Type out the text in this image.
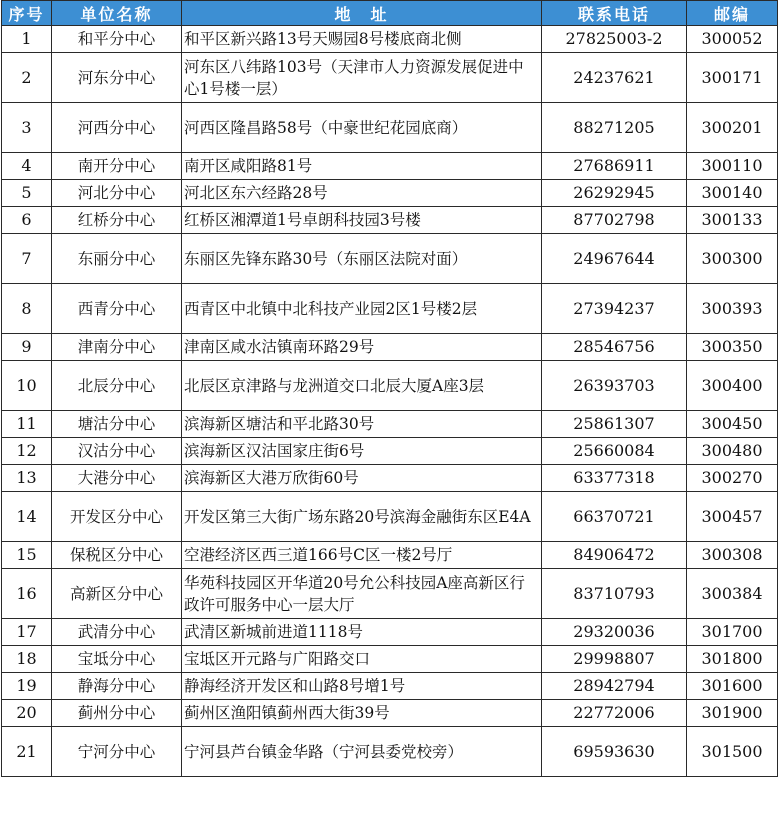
序号	单位名称	地　址	联系电话	邮编
1	和平分中心	和平区新兴路13号天赐园8号楼底商北侧	27825003-2	300052
2	河东分中心	河东区八纬路103号（天津市人力资源发展促进中心1号楼一层）	24237621	300171
3	河西分中心	河西区隆昌路58号（中豪世纪花园底商）	88271205	300201
4	南开分中心	南开区咸阳路81号	27686911	300110
5	河北分中心	河北区东六经路28号	26292945	300140
6	红桥分中心	红桥区湘潭道1号卓朗科技园3号楼	87702798	300133
7	东丽分中心	东丽区先锋东路30号（东丽区法院对面）	24967644	300300
8	西青分中心	西青区中北镇中北科技产业园2区1号楼2层	27394237	300393
9	津南分中心	津南区咸水沽镇南环路29号	28546756	300350
10	北辰分中心	北辰区京津路与龙洲道交口北辰大厦A座3层	26393703	300400
11	塘沽分中心	滨海新区塘沽和平北路30号	25861307	300450
12	汉沽分中心	滨海新区汉沽国家庄街6号	25660084	300480
13	大港分中心	滨海新区大港万欣街60号	63377318	300270
14	开发区分中心	开发区第三大街广场东路20号滨海金融街东区E4A	66370721	300457
15	保税区分中心	空港经济区西三道166号C区一楼2号厅	84906472	300308
16	高新区分中心	华苑科技园区开华道20号允公科技园A座高新区行政许可服务中心一层大厅	83710793	300384
17	武清分中心	武清区新城前进道1118号	29320036	301700
18	宝坻分中心	宝坻区开元路与广阳路交口	29998807	301800
19	静海分中心	静海经济开发区和山路8号增1号	28942794	301600
20	蓟州分中心	蓟州区渔阳镇蓟州西大街39号	22772006	301900
21	宁河分中心	宁河县芦台镇金华路（宁河县委党校旁）	69593630	301500
